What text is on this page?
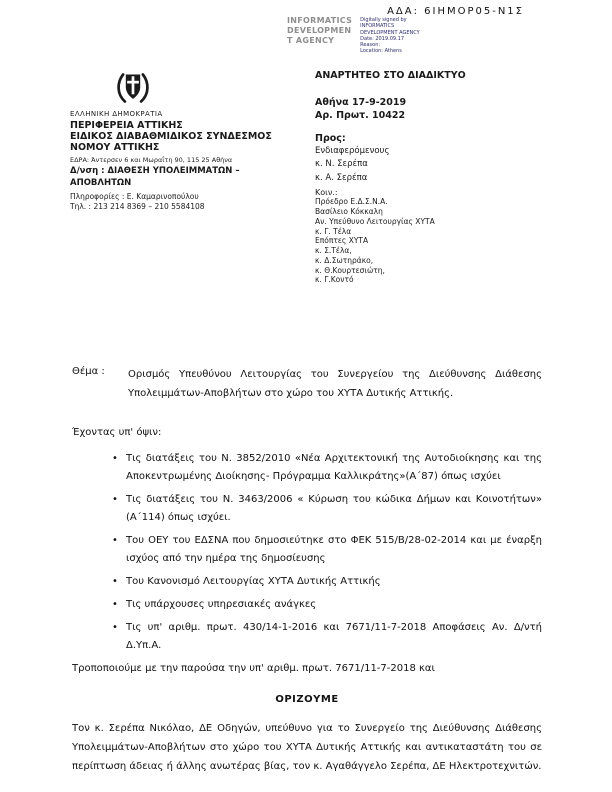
ΑΔΑ: 6ΙΗΜΟΡ05-Ν1Σ
INFORMATICS
DEVELOPMEN
T AGENCY
Digitally signed by
INFORMATICS
DEVELOPMENT AGENCY
Date: 2019.09.17
Reason:
Location: Athens
ΕΛΛΗΝΙΚΗ ΔΗΜΟΚΡΑΤΙΑ
ΠΕΡΙΦΕΡΕΙΑ ΑΤΤΙΚΗΣ
ΕΙΔΙΚΟΣ ΔΙΑΒΑΘΜΙΔΙΚΟΣ ΣΥΝΔΕΣΜΟΣ
ΝΟΜΟΥ ΑΤΤΙΚΗΣ
ΕΔΡΑ: Άντερσεν 6 και Μωραΐτη 90, 115 25 Αθήνα
Δ/νση : ΔΙΑΘΕΣΗ ΥΠΟΛΕΙΜΜΑΤΩΝ –
ΑΠΟΒΛΗΤΩΝ
Πληροφορίες : Ε. Καμαρινοπούλου
Τηλ. : 213 214 8369 – 210 5584108
ΑΝΑΡΤΗΤΕΟ ΣΤΟ ΔΙΑΔΙΚΤΥΟ
Αθήνα 17-9-2019
Αρ. Πρωτ. 10422
Προς:
Ενδιαφερόμενους
κ. Ν. Σερέπα
κ. Α. Σερέπα
Κοιν.:
Πρόεδρο Ε.Δ.Σ.Ν.Α.
Βασίλειο Κόκκαλη
Αν. Υπεύθυνο Λειτουργίας ΧΥΤΑ
κ. Γ. Τέλα
Επόπτες ΧΥΤΑ
κ. Σ.Τέλα,
κ. Δ.Σωτηράκο,
κ. Θ.Κουρτεσιώτη,
κ. Γ.Κοντό
Θέμα :	Ορισμός Υπευθύνου Λειτουργίας του Συνεργείου της Διεύθυνσης Διάθεσης Υπολειμμάτων-Αποβλήτων στο χώρο του ΧΥΤΑ Δυτικής Αττικής.
Έχοντας υπ' όψιν:
• Τις διατάξεις του Ν. 3852/2010 «Νέα Αρχιτεκτονική της Αυτοδιοίκησης και της Αποκεντρωμένης Διοίκησης- Πρόγραμμα Καλλικράτης»(Α΄87) όπως ισχύει
• Τις διατάξεις του Ν. 3463/2006 « Κύρωση του κώδικα Δήμων και Κοινοτήτων» (Α΄114) όπως ισχύει.
• Του ΟΕΥ του ΕΔΣΝΑ που δημοσιεύτηκε στο ΦΕΚ 515/Β/28-02-2014 και με έναρξη ισχύος από την ημέρα της δημοσίευσης
• Του Κανονισμό Λειτουργίας ΧΥΤΑ Δυτικής Αττικής
• Τις υπάρχουσες υπηρεσιακές ανάγκες
• Τις υπ' αριθμ. πρωτ. 430/14-1-2016 και 7671/11-7-2018 Αποφάσεις Αν. Δ/ντή Δ.Υπ.Α.
Τροποποιούμε με την παρούσα την υπ' αριθμ. πρωτ. 7671/11-7-2018 και
ΟΡΙΖΟΥΜΕ
Τον κ. Σερέπα Νικόλαο, ΔΕ Οδηγών, υπεύθυνο για το Συνεργείο της Διεύθυνσης Διάθεσης Υπολειμμάτων-Αποβλήτων στο χώρο του ΧΥΤΑ Δυτικής Αττικής και αντικαταστάτη του σε περίπτωση άδειας ή άλλης ανωτέρας βίας, τον κ. Αγαθάγγελο Σερέπα, ΔΕ Ηλεκτροτεχνιτών.
